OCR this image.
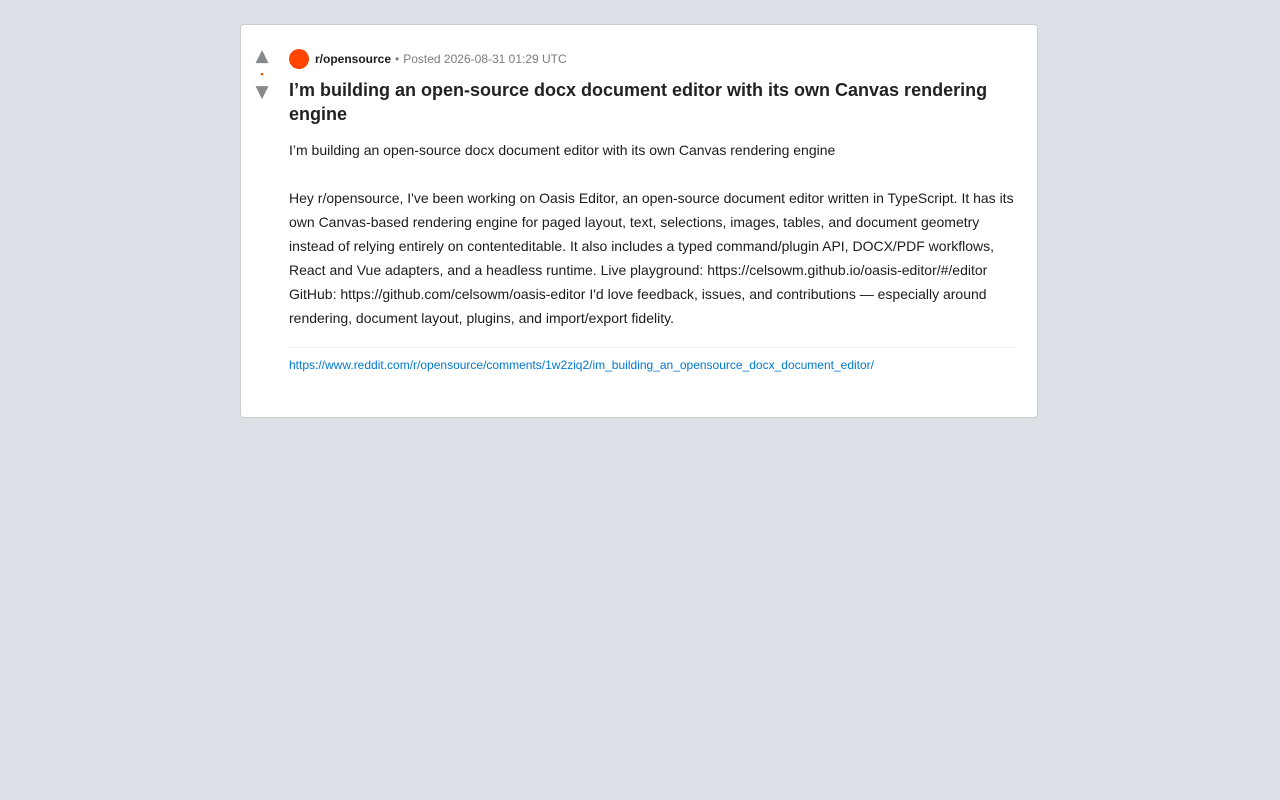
▲
•
▼
r/opensource • Posted 2026-08-31 01:29 UTC
I’m building an open-source docx document editor with its own Canvas rendering engine
I’m building an open-source docx document editor with its own Canvas rendering engine

Hey r/opensource, I've been working on Oasis Editor, an open-source document editor written in TypeScript. It has its own Canvas-based rendering engine for paged layout, text, selections, images, tables, and document geometry instead of relying entirely on contenteditable. It also includes a typed command/plugin API, DOCX/PDF workflows, React and Vue adapters, and a headless runtime. Live playground: https://celsowm.github.io/oasis-editor/#/editor GitHub: https://github.com/celsowm/oasis-editor I'd love feedback, issues, and contributions — especially around rendering, document layout, plugins, and import/export fidelity.
https://www.reddit.com/r/opensource/comments/1w2ziq2/im_building_an_opensource_docx_document_editor/
